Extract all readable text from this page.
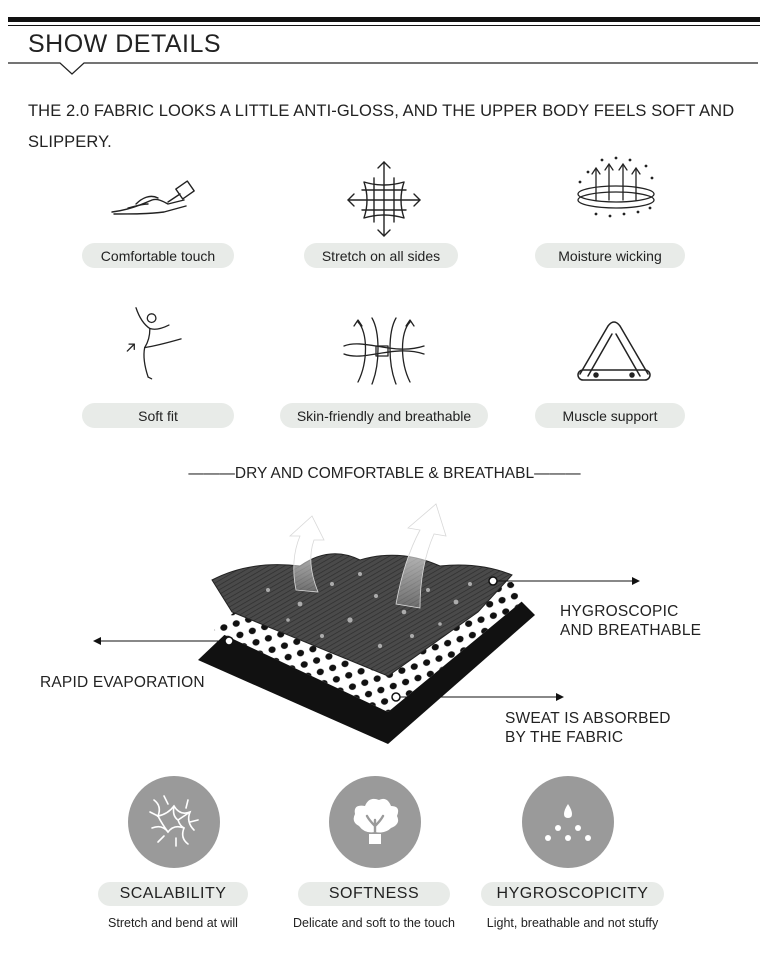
SHOW DETAILS
THE 2.0 FABRIC LOOKS A LITTLE ANTI-GLOSS, AND THE UPPER BODY FEELS SOFT AND SLIPPERY.
Comfortable touch	Stretch on all sides	Moisture wicking
Soft fit	Skin-friendly and breathable	Muscle support
———DRY AND COMFORTABLE & BREATHABL———
HYGROSCOPIC
AND BREATHABLE
RAPID EVAPORATION
SWEAT IS ABSORBED
BY THE FABRIC
SCALABILITY	SOFTNESS	HYGROSCOPICITY
Stretch and bend at will	Delicate and soft to the touch	Light, breathable and not stuffy
